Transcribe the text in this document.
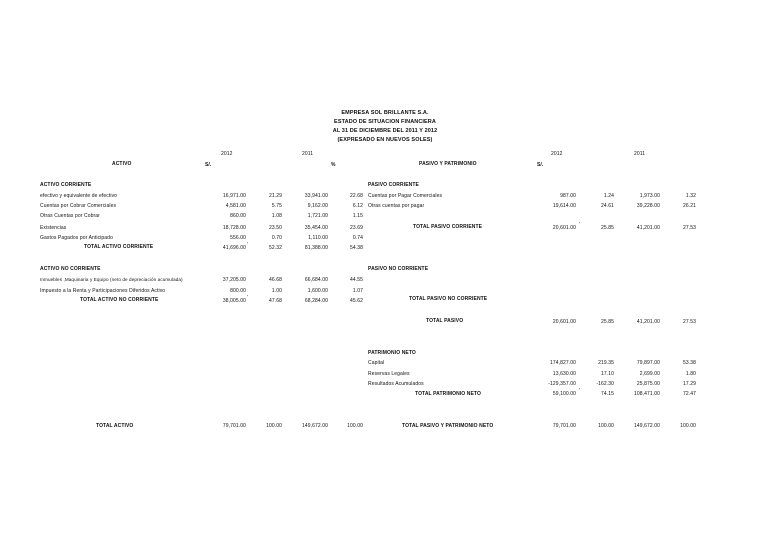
EMPRESA SOL BRILLANTE S.A.
ESTADO DE SITUACION FINANCIERA
AL 31 DE DICIEMBRE DEL 2011 Y 2012
(EXPRESADO EN NUEVOS SOLES)
2012	2011
ACTIVO	S/.	%
2012	2011
PASIVO Y PATRIMONIO	S/.
ACTIVO CORRIENTE
efectivo y equivalente de efectivo	16,971.00	21.29	33,941.00	22.68
Cuentas por Cobrar Comerciales	4,581.00	5.75	9,162.00	6.12
Otras Cuentas por Cobrar	860.00	1.08	1,721.00	1.15
Existencias	18,728.00	23.50	35,454.00	23.69
Gastos Pagados por Anticipado	556.00	0.70	1,110.00	0.74
TOTAL ACTIVO CORRIENTE	41,696.00 '	52.32	81,388.00	54.38
ACTIVO NO CORRIENTE
Inmuebles ,Maquinaria y Equipo (neto de depreciación acumulada)	37,205.00	46.68	66,684.00	44.55
Impuesto a la Renta y Participaciones Diferidos Activo	800.00	1.00	1,600.00	1.07
TOTAL ACTIVO NO CORRIENTE	38,005.00 '	47.68	68,284.00	45.62
PASIVO CORRIENTE
Cuentas por Pagar Comerciales	987.00	1.24	1,973.00	1.32
Otras cuentas por pagar	19,614.00	24.61	39,228.00	26.21
TOTAL PASIVO CORRIENTE	20,601.00 '	25.85	41,201.00	27.53
PASIVO NO CORRIENTE
TOTAL PASIVO NO CORRIENTE
TOTAL PASIVO	20,601.00	25.85	41,201.00	27.53
PATRIMONIO NETO
Capital	174,827.00	219.35	79,897.00	53.38
Reservas Legales	13,630.00	17.10	2,699.00	1.80
Resultados Acumulados	-129,357.00	-162.30	25,875.00	17.29
TOTAL PATRIMONIO NETO	59,100.00 '	74.15	108,471.00	72.47
TOTAL ACTIVO	79,701.00	100.00	149,672.00	100.00	TOTAL PASIVO Y PATRIMONIO NETO	79,701.00	100.00	149,672.00	100.00
